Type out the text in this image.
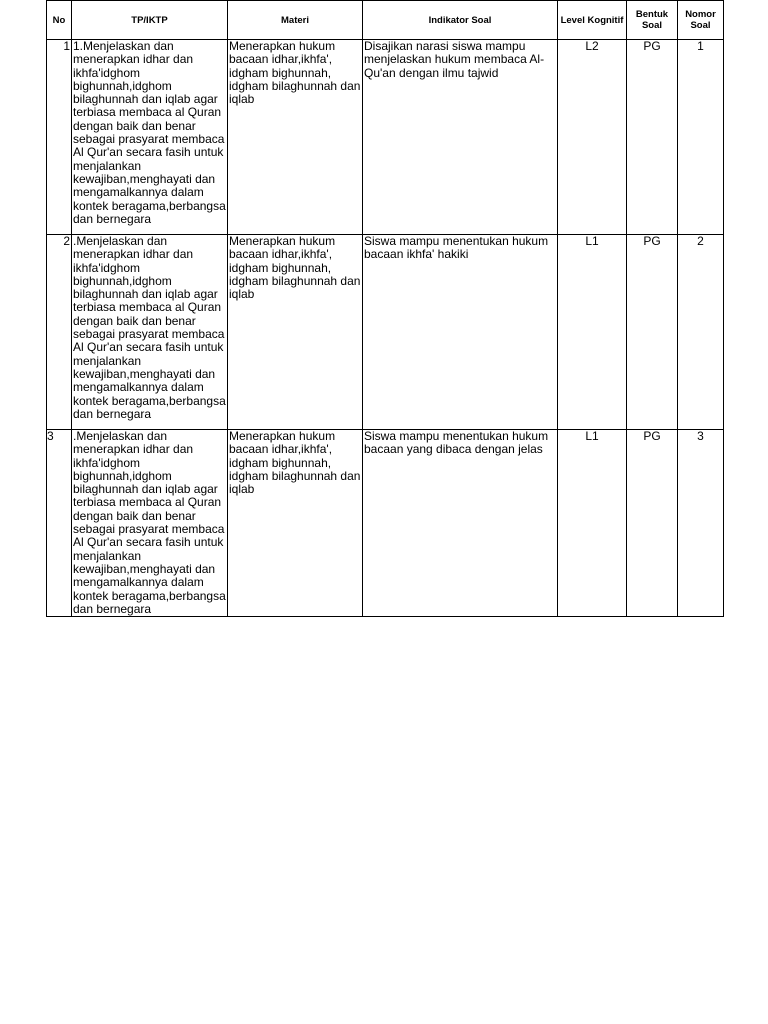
No	TP/IKTP	Materi	Indikator Soal	Level Kognitif	Bentuk Soal	Nomor Soal
1	1.Menjelaskan dan menerapkan idhar dan ikhfa'idghom bighunnah,idghom bilaghunnah dan iqlab agar terbiasa membaca al Quran dengan baik dan benar sebagai prasyarat membaca Al Qur'an secara fasih untuk menjalankan kewajiban,menghayati dan mengamalkannya dalam kontek beragama,berbangsa dan bernegara	Menerapkan hukum bacaan idhar,ikhfa', idgham bighunnah, idgham bilaghunnah dan iqlab	Disajikan narasi siswa mampu menjelaskan hukum membaca Al-Qu'an dengan ilmu tajwid	L2	PG	1
2	.Menjelaskan dan menerapkan idhar dan ikhfa'idghom bighunnah,idghom bilaghunnah dan iqlab agar terbiasa membaca al Quran dengan baik dan benar sebagai prasyarat membaca Al Qur'an secara fasih untuk menjalankan kewajiban,menghayati dan mengamalkannya dalam kontek beragama,berbangsa dan bernegara	Menerapkan hukum bacaan idhar,ikhfa', idgham bighunnah, idgham bilaghunnah dan iqlab	Siswa mampu menentukan hukum bacaan ikhfa' hakiki	L1	PG	2
3	.Menjelaskan dan menerapkan idhar dan ikhfa'idghom bighunnah,idghom bilaghunnah dan iqlab agar terbiasa membaca al Quran dengan baik dan benar sebagai prasyarat membaca Al Qur'an secara fasih untuk menjalankan kewajiban,menghayati dan mengamalkannya dalam kontek beragama,berbangsa dan bernegara	Menerapkan hukum bacaan idhar,ikhfa', idgham bighunnah, idgham bilaghunnah dan iqlab	Siswa mampu menentukan hukum bacaan yang dibaca dengan jelas	L1	PG	3
